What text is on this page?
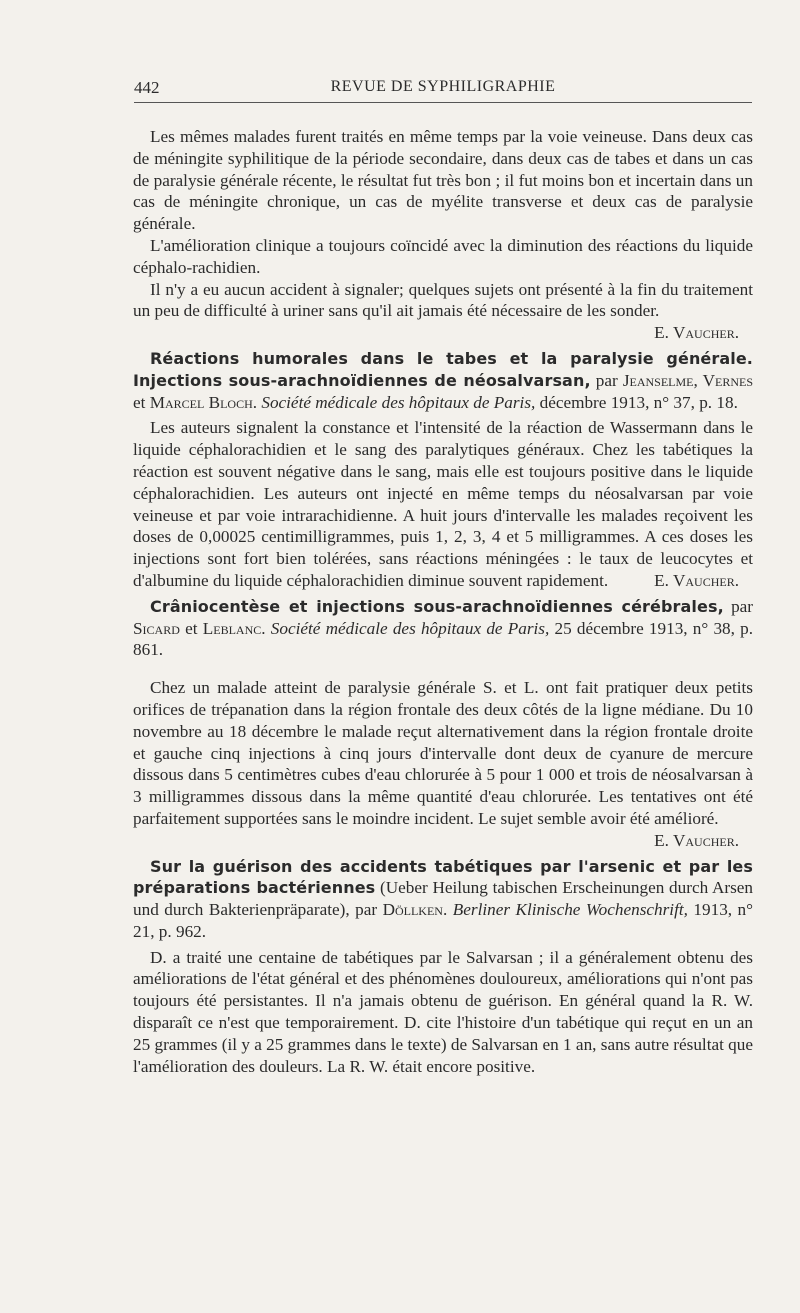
442	REVUE DE SYPHILIGRAPHIE

Les mêmes malades furent traités en même temps par la voie veineuse. Dans deux cas de méningite syphilitique de la période secondaire, dans deux cas de tabes et dans un cas de paralysie générale récente, le résultat fut très bon ; il fut moins bon et incertain dans un cas de méningite chronique, un cas de myélite transverse et deux cas de paralysie générale.

L'amélioration clinique a toujours coïncidé avec la diminution des réactions du liquide céphalo-rachidien.

Il n'y a eu aucun accident à signaler; quelques sujets ont présenté à la fin du traitement un peu de difficulté à uriner sans qu'il ait jamais été nécessaire de les sonder.
E. Vaucher.

Réactions humorales dans le tabes et la paralysie générale. Injections sous-arachnoïdiennes de néosalvarsan, par Jeanselme, Vernes et Marcel Bloch. Société médicale des hôpitaux de Paris, décembre 1913, n° 37, p. 18.

Les auteurs signalent la constance et l'intensité de la réaction de Wassermann dans le liquide céphalorachidien et le sang des paralytiques généraux. Chez les tabétiques la réaction est souvent négative dans le sang, mais elle est toujours positive dans le liquide céphalorachidien. Les auteurs ont injecté en même temps du néosalvarsan par voie veineuse et par voie intrarachidienne. A huit jours d'intervalle les malades reçoivent les doses de 0,00025 centimilligrammes, puis 1, 2, 3, 4 et 5 milligrammes. A ces doses les injections sont fort bien tolérées, sans réactions méningées : le taux de leucocytes et d'albumine du liquide céphalorachidien diminue souvent rapidement.	E. Vaucher.

Crâniocentèse et injections sous-arachnoïdiennes cérébrales, par Sicard et Leblanc. Société médicale des hôpitaux de Paris, 25 décembre 1913, n° 38, p. 861.

Chez un malade atteint de paralysie générale S. et L. ont fait pratiquer deux petits orifices de trépanation dans la région frontale des deux côtés de la ligne médiane. Du 10 novembre au 18 décembre le malade reçut alternativement dans la région frontale droite et gauche cinq injections à cinq jours d'intervalle dont deux de cyanure de mercure dissous dans 5 centimètres cubes d'eau chlorurée à 5 pour 1 000 et trois de néosalvarsan à 3 milligrammes dissous dans la même quantité d'eau chlorurée. Les tentatives ont été parfaitement supportées sans le moindre incident. Le sujet semble avoir été amélioré.
E. Vaucher.

Sur la guérison des accidents tabétiques par l'arsenic et par les préparations bactériennes (Ueber Heilung tabischen Erscheinungen durch Arsen und durch Bakterienpräparate), par Döllken. Berliner Klinische Wochenschrift, 1913, n° 21, p. 962.

D. a traité une centaine de tabétiques par le Salvarsan ; il a généralement obtenu des améliorations de l'état général et des phénomènes douloureux, améliorations qui n'ont pas toujours été persistantes. Il n'a jamais obtenu de guérison. En général quand la R. W. disparaît ce n'est que temporairement. D. cite l'histoire d'un tabétique qui reçut en un an 25 grammes (il y a 25 grammes dans le texte) de Salvarsan en 1 an, sans autre résultat que l'amélioration des douleurs. La R. W. était encore positive.
